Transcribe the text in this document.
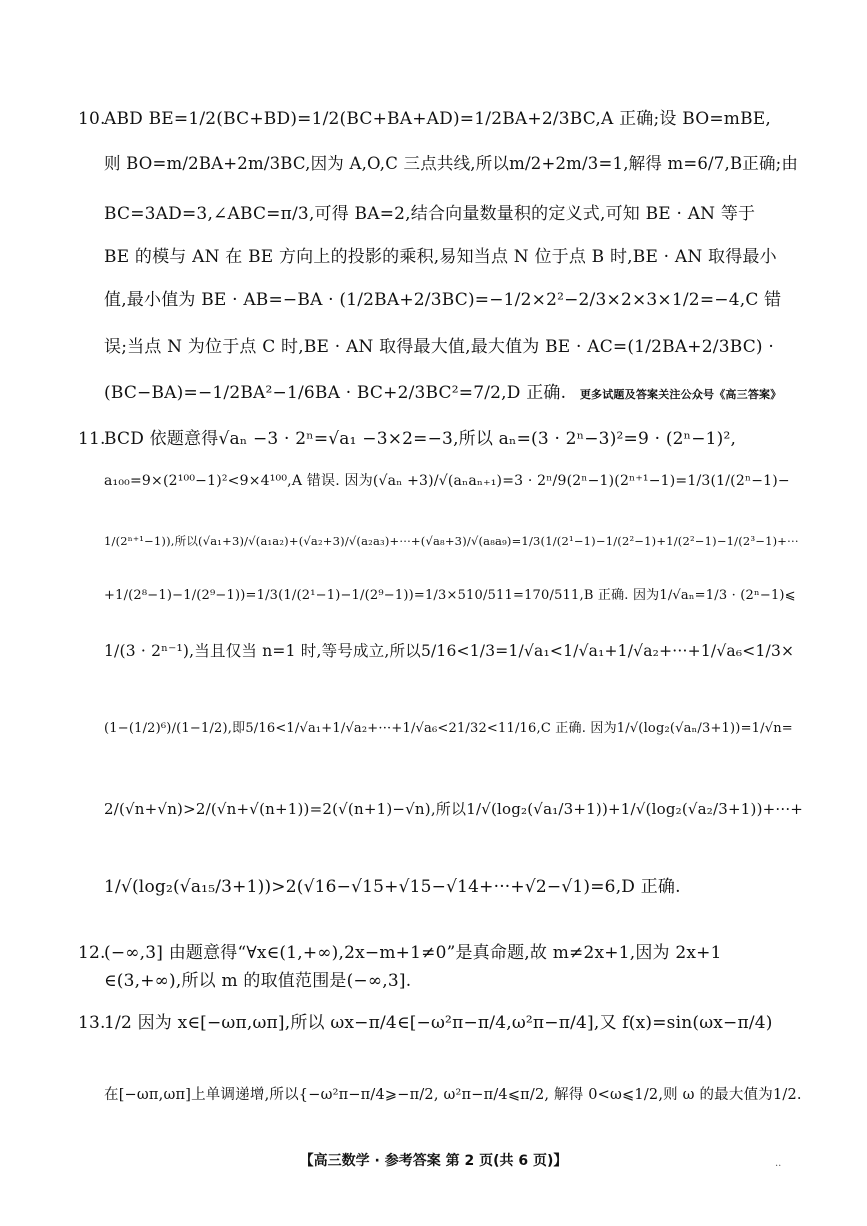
10.
ABD BE=1/2(BC+BD)=1/2(BC+BA+AD)=1/2BA+2/3BC,A 正确;设 BO=mBE,
则 BO=m/2BA+2m/3BC,因为 A,O,C 三点共线,所以m/2+2m/3=1,解得 m=6/7,B正确;由
BC=3AD=3,∠ABC=π/3,可得 BA=2,结合向量数量积的定义式,可知 BE · AN 等于
BE 的模与 AN 在 BE 方向上的投影的乘积,易知当点 N 位于点 B 时,BE · AN 取得最小
值,最小值为 BE · AB=−BA · (1/2BA+2/3BC)=−1/2×2²−2/3×2×3×1/2=−4,C 错
误;当点 N 为位于点 C 时,BE · AN 取得最大值,最大值为 BE · AC=(1/2BA+2/3BC) ·
(BC−BA)=−1/2BA²−1/6BA · BC+2/3BC²=7/2,D 正确. 更多试题及答案关注公众号《高三答案》
11.
BCD 依题意得√aₙ −3 · 2ⁿ=√a₁ −3×2=−3,所以 aₙ=(3 · 2ⁿ−3)²=9 · (2ⁿ−1)²,
a₁₀₀=9×(2¹⁰⁰−1)²<9×4¹⁰⁰,A 错误. 因为(√aₙ +3)/√(aₙaₙ₊₁)=3 · 2ⁿ/9(2ⁿ−1)(2ⁿ⁺¹−1)=1/3(1/(2ⁿ−1)−
1/(2ⁿ⁺¹−1)),所以(√a₁+3)/√(a₁a₂)+(√a₂+3)/√(a₂a₃)+···+(√a₈+3)/√(a₈a₉)=1/3(1/(2¹−1)−1/(2²−1)+1/(2²−1)−1/(2³−1)+···
+1/(2⁸−1)−1/(2⁹−1))=1/3(1/(2¹−1)−1/(2⁹−1))=1/3×510/511=170/511,B 正确. 因为1/√aₙ=1/3 · (2ⁿ−1)⩽
1/(3 · 2ⁿ⁻¹),当且仅当 n=1 时,等号成立,所以5/16<1/3=1/√a₁<1/√a₁+1/√a₂+···+1/√a₆<1/3×
(1−(1/2)⁶)/(1−1/2),即5/16<1/√a₁+1/√a₂+···+1/√a₆<21/32<11/16,C 正确. 因为1/√(log₂(√aₙ/3+1))=1/√n=
2/(√n+√n)>2/(√n+√(n+1))=2(√(n+1)−√n),所以1/√(log₂(√a₁/3+1))+1/√(log₂(√a₂/3+1))+···+
1/√(log₂(√a₁₅/3+1))>2(√16−√15+√15−√14+···+√2−√1)=6,D 正确.
12.
(−∞,3] 由题意得“∀x∈(1,+∞),2x−m+1≠0”是真命题,故 m≠2x+1,因为 2x+1
∈(3,+∞),所以 m 的取值范围是(−∞,3].
13.
1/2 因为 x∈[−ωπ,ωπ],所以 ωx−π/4∈[−ω²π−π/4,ω²π−π/4],又 f(x)=sin(ωx−π/4)
在[−ωπ,ωπ]上单调递增,所以{−ω²π−π/4⩾−π/2, ω²π−π/4⩽π/2, 解得 0<ω⩽1/2,则 ω 的最大值为1/2.
【高三数学 · 参考答案 第 2 页(共 6 页)】	..
